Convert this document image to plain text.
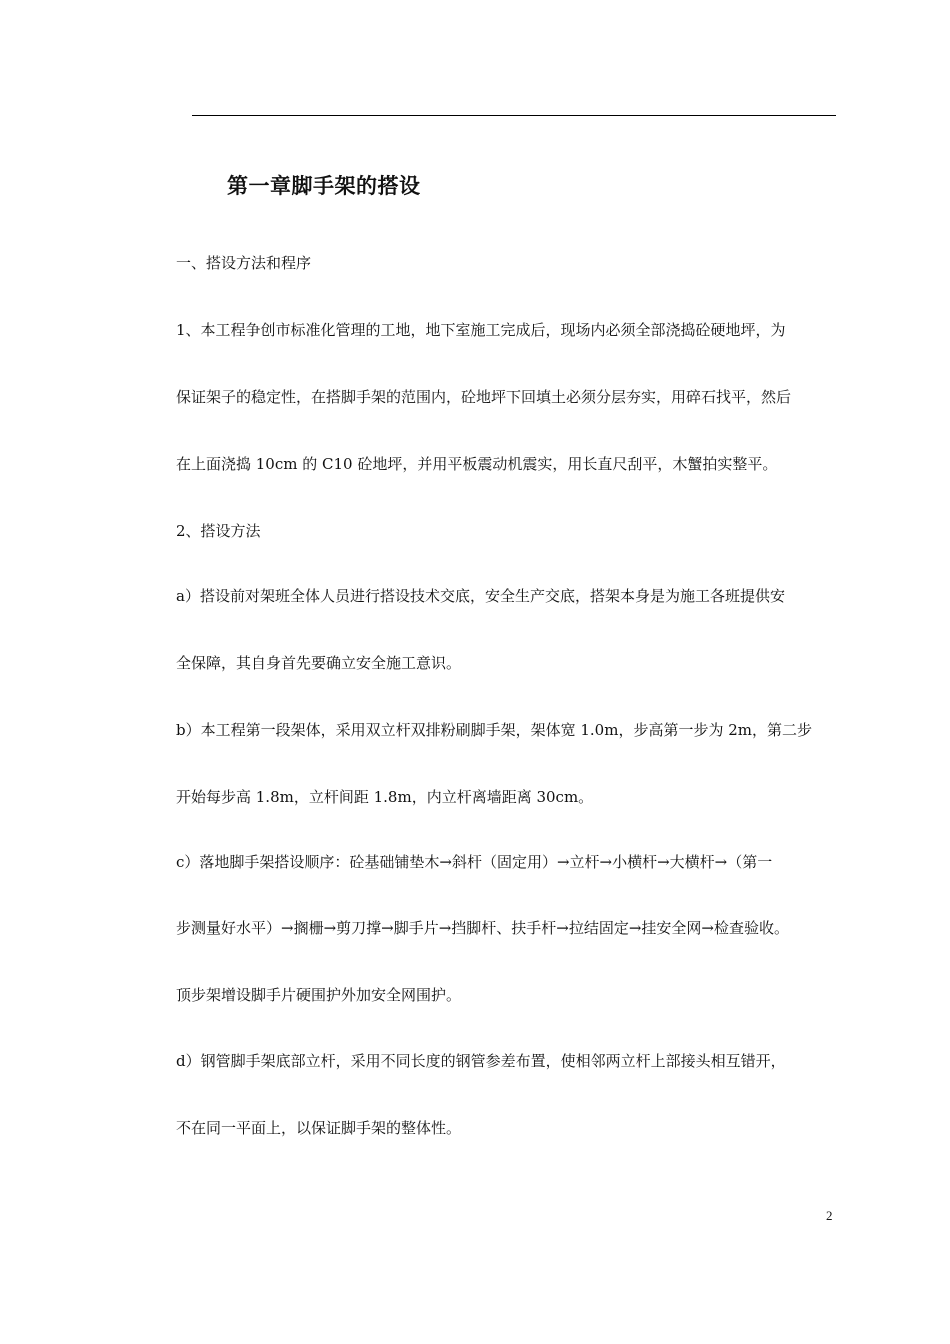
第一章脚手架的搭设
一、搭设方法和程序
1、本工程争创市标准化管理的工地，地下室施工完成后，现场内必须全部浇捣砼硬地坪，为
保证架子的稳定性，在搭脚手架的范围内，砼地坪下回填土必须分层夯实，用碎石找平，然后
在上面浇捣 10cm 的 C10 砼地坪，并用平板震动机震实，用长直尺刮平，木蟹拍实整平。
2、搭设方法
a）搭设前对架班全体人员进行搭设技术交底，安全生产交底，搭架本身是为施工各班提供安
全保障，其自身首先要确立安全施工意识。
b）本工程第一段架体，采用双立杆双排粉刷脚手架，架体宽 1.0m，步高第一步为 2m，第二步
开始每步高 1.8m，立杆间距 1.8m，内立杆离墙距离 30cm。
c）落地脚手架搭设顺序：砼基础铺垫木→斜杆（固定用）→立杆→小横杆→大横杆→（第一
步测量好水平）→搁栅→剪刀撑→脚手片→挡脚杆、扶手杆→拉结固定→挂安全网→检查验收。
顶步架增设脚手片硬围护外加安全网围护。
d）钢管脚手架底部立杆，采用不同长度的钢管参差布置，使相邻两立杆上部接头相互错开，
不在同一平面上，以保证脚手架的整体性。
2
